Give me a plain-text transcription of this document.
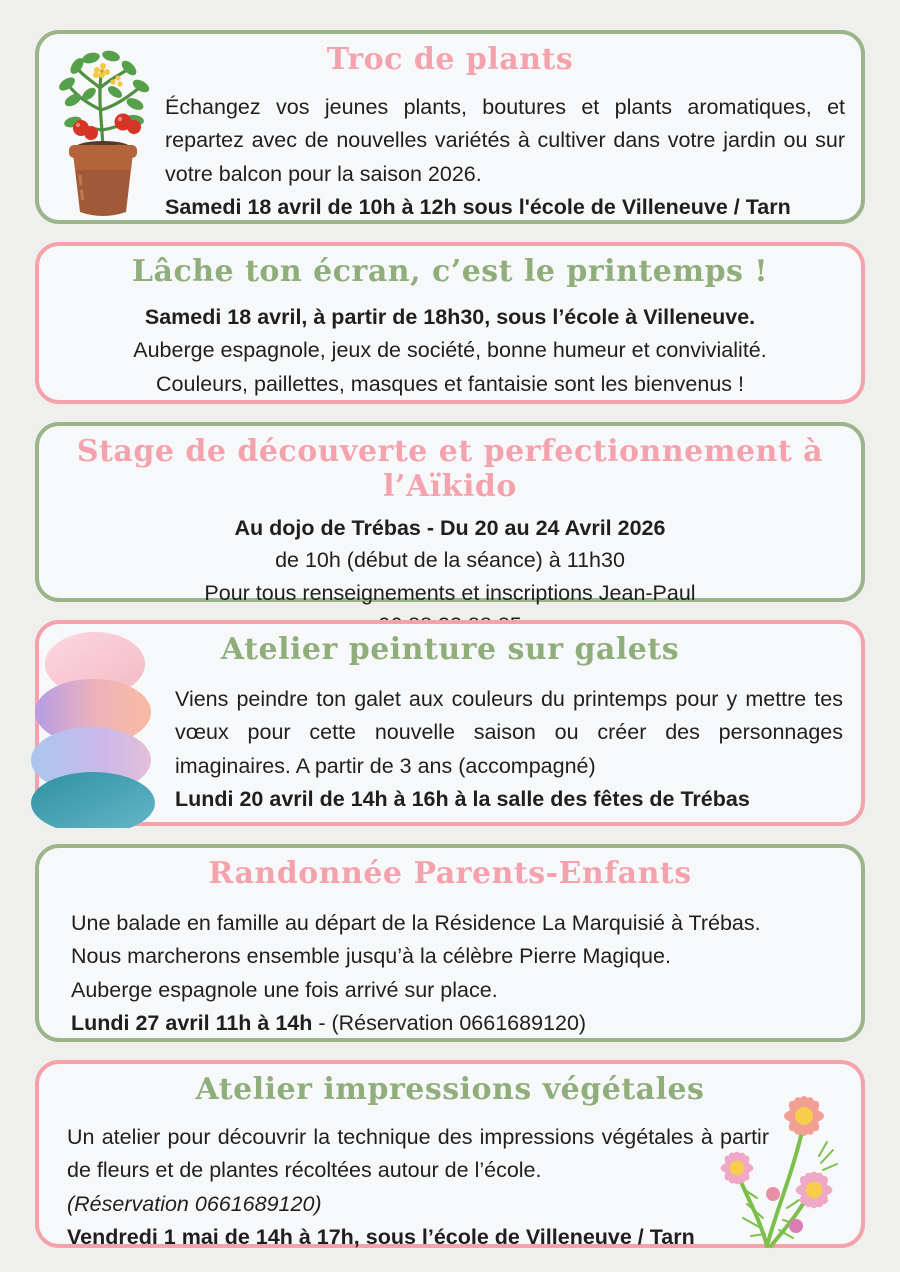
Troc de plants

Échangez vos jeunes plants, boutures et plants aromatiques, et repartez avec de nouvelles variétés à cultiver dans votre jardin ou sur votre balcon pour la saison 2026.

Samedi 18 avril de 10h à 12h sous l'école de Villeneuve / Tarn

Lâche ton écran, c’est le printemps !

Samedi 18 avril, à partir de 18h30, sous l’école à Villeneuve.

Auberge espagnole, jeux de société, bonne humeur et convivialité.

Couleurs, paillettes, masques et fantaisie sont les bienvenus !

Stage de découverte et perfectionnement à l’Aïkido

Au dojo de Trébas - Du 20 au 24 Avril 2026

de 10h (début de la séance) à 11h30

Pour tous renseignements et inscriptions Jean-Paul

Atelier peinture sur galets

Viens peindre ton galet aux couleurs du printemps pour y mettre tes vœux pour cette nouvelle saison ou créer des personnages imaginaires. A partir de 3 ans (accompagné)

Lundi 20 avril de 14h à 16h à la salle des fêtes de Trébas

Randonnée Parents-Enfants

Une balade en famille au départ de la Résidence La Marquisié à Trébas.

Nous marcherons ensemble jusqu’à la célèbre Pierre Magique.

Auberge espagnole une fois arrivé sur place.

Lundi 27 avril 11h à 14h - (Réservation 0661689120)

Atelier impressions végétales

Un atelier pour découvrir la technique des impressions végétales à partir de fleurs et de plantes récoltées autour de l’école.

(Réservation 0661689120)

Vendredi 1 mai de 14h à 17h, sous l’école de Villeneuve / Tarn
